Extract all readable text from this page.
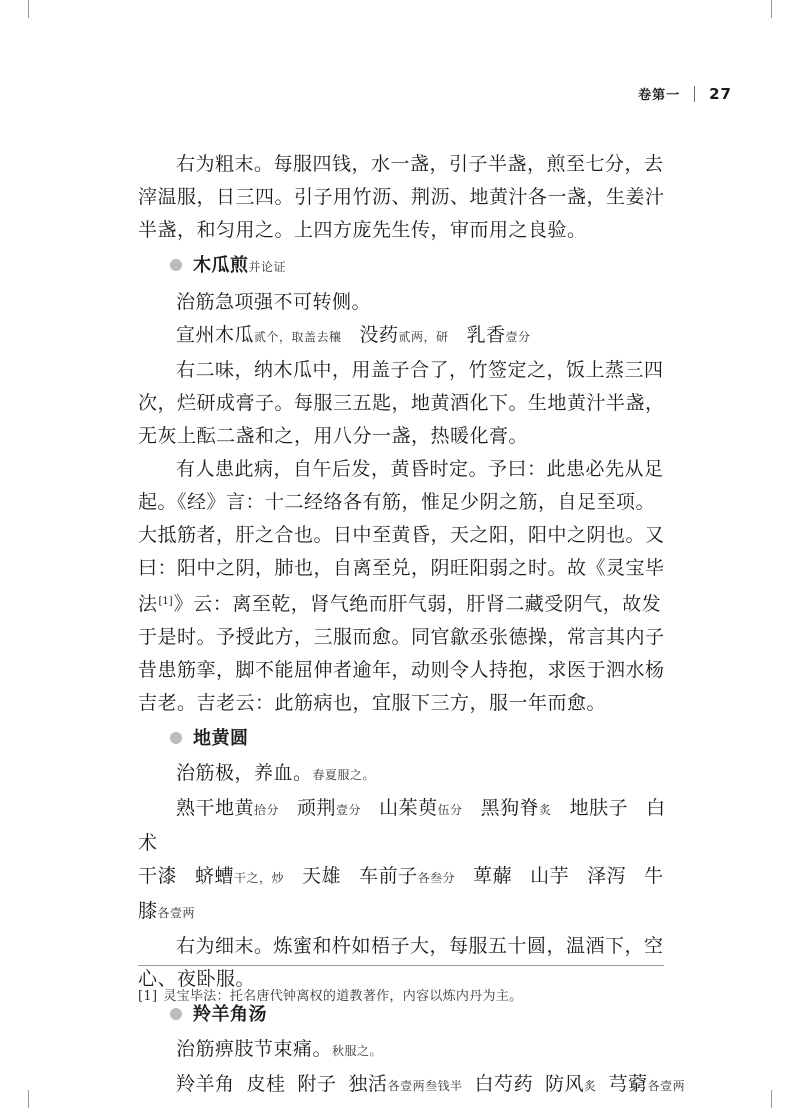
卷第一 27

右为粗末。每服四钱，水一盏，引子半盏，煎至七分，去滓温服，日三四。引子用竹沥、荆沥、地黄汁各一盏，生姜汁半盏，和匀用之。上四方庞先生传，审而用之良验。

木瓜煎并论证

治筋急项强不可转侧。

宣州木瓜贰个，取盖去穰 没药贰两，研 乳香壹分

右二味，纳木瓜中，用盖子合了，竹签定之，饭上蒸三四次，烂研成膏子。每服三五匙，地黄酒化下。生地黄汁半盏，无灰上酝二盏和之，用八分一盏，热暖化膏。

有人患此病，自午后发，黄昏时定。予曰：此患必先从足起。《经》言：十二经络各有筋，惟足少阴之筋，自足至项。大抵筋者，肝之合也。日中至黄昏，天之阳，阳中之阴也。又曰：阳中之阴，肺也，自离至兑，阴旺阳弱之时。故《灵宝毕法[1]》云：离至乾，肾气绝而肝气弱，肝肾二藏受阴气，故发于是时。予授此方，三服而愈。同官歙丞张德操，常言其内子昔患筋挛，脚不能屈伸者逾年，动则令人持抱，求医于泗水杨吉老。吉老云：此筋病也，宜服下三方，服一年而愈。

地黄圆

治筋极，养血。春夏服之。

熟干地黄拾分 顽荆壹分 山茱萸伍分 黑狗脊炙 地肤子 白术

干漆 蛴螬干之，炒 天雄 车前子各叁分 萆薢 山芋 泽泻 牛膝各壹两

右为细末。炼蜜和杵如梧子大，每服五十圆，温酒下，空心、夜卧服。

羚羊角汤

治筋痹肢节束痛。秋服之。

羚羊角 皮桂 附子 独活各壹两叁钱半 白芍药 防风炙 芎藭各壹两

[1] 灵宝毕法：托名唐代钟离权的道教著作，内容以炼内丹为主。
